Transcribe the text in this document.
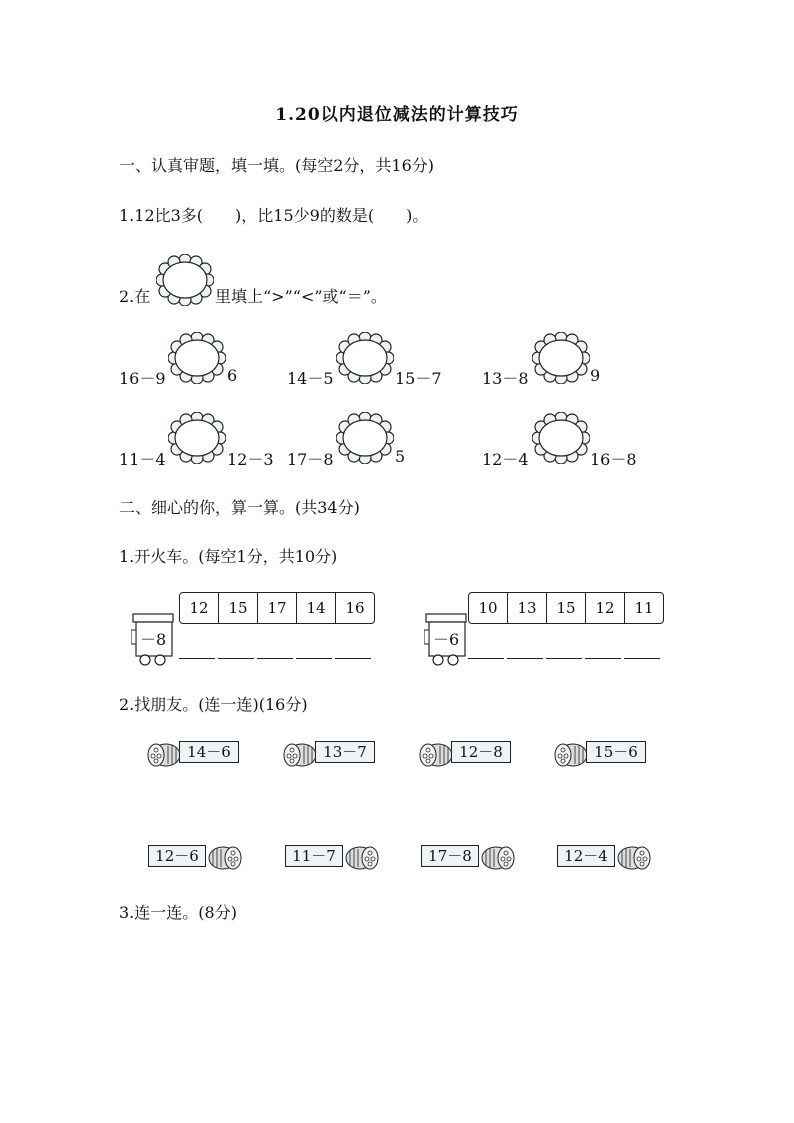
1.20以内退位减法的计算技巧
一、认真审题，填一填。(每空2分，共16分)
1.12比3多(　　)，比15少9的数是(　　)。
2.在	里填上“>”“<”或“＝”。
16－9	6	14－5	15－7	13－8	9
11－4	12－3 17－8	5	12－4	16－8
二、细心的你，算一算。(共34分)
1.开火车。(每空1分，共10分)
－8
12	15	17	14	16
－6
10	13	15	12	11
2.找朋友。(连一连)(16分)
14－6	13－7	12－8	15－6
12－6	11－7	17－8	12－4
3.连一连。(8分)
